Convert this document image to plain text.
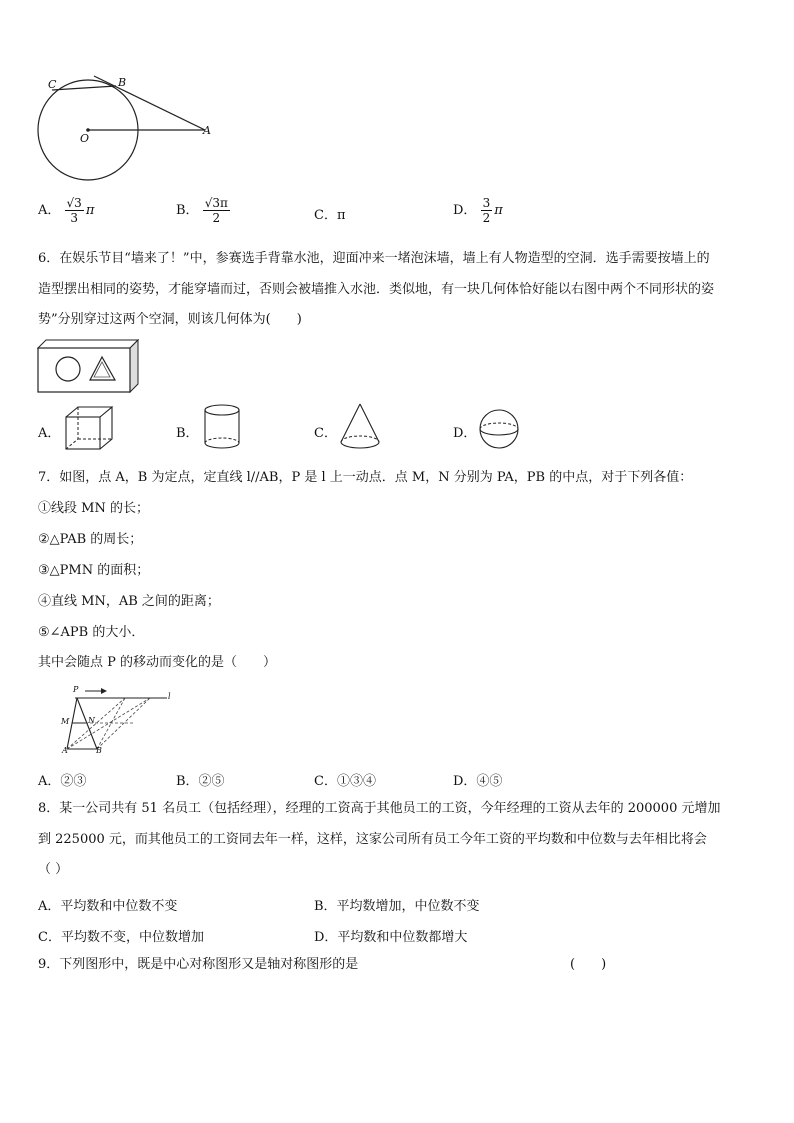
C	B
O
A
A． $\frac{√3}{3}$ π	B． $\frac{√3\pi}{2}$	C．π	D． $\frac{3}{2}$ π
6．在娱乐节目“墙来了！”中，参赛选手背靠水池，迎面冲来一堵泡沫墙，墙上有人物造型的空洞．选手需要按墙上的
造型摆出相同的姿势，才能穿墙而过，否则会被墙推入水池．类似地，有一块几何体恰好能以右图中两个不同形状的姿
势”分别穿过这两个空洞，则该几何体为(　　)
A．	B．	C．	D．
7．如图，点 A，B 为定点，定直线 l//AB，P 是 l 上一动点．点 M，N 分别为 PA，PB 的中点，对于下列各值：
①线段 MN 的长；
②△PAB 的周长；
③△PMN 的面积；
④直线 MN，AB 之间的距离；
⑤∠APB 的大小．
其中会随点 P 的移动而变化的是（　　）
P
M N
A	B
l
A．②③	B．②⑤	C．①③④	D．④⑤
8．某一公司共有 51 名员工（包括经理），经理的工资高于其他员工的工资，今年经理的工资从去年的 200000 元增加
到 225000 元，而其他员工的工资同去年一样，这样，这家公司所有员工今年工资的平均数和中位数与去年相比将会
（ ）
A．平均数和中位数不变	B．平均数增加，中位数不变
C．平均数不变，中位数增加	D．平均数和中位数都增大
9．下列图形中，既是中心对称图形又是轴对称图形的是	(　　)
